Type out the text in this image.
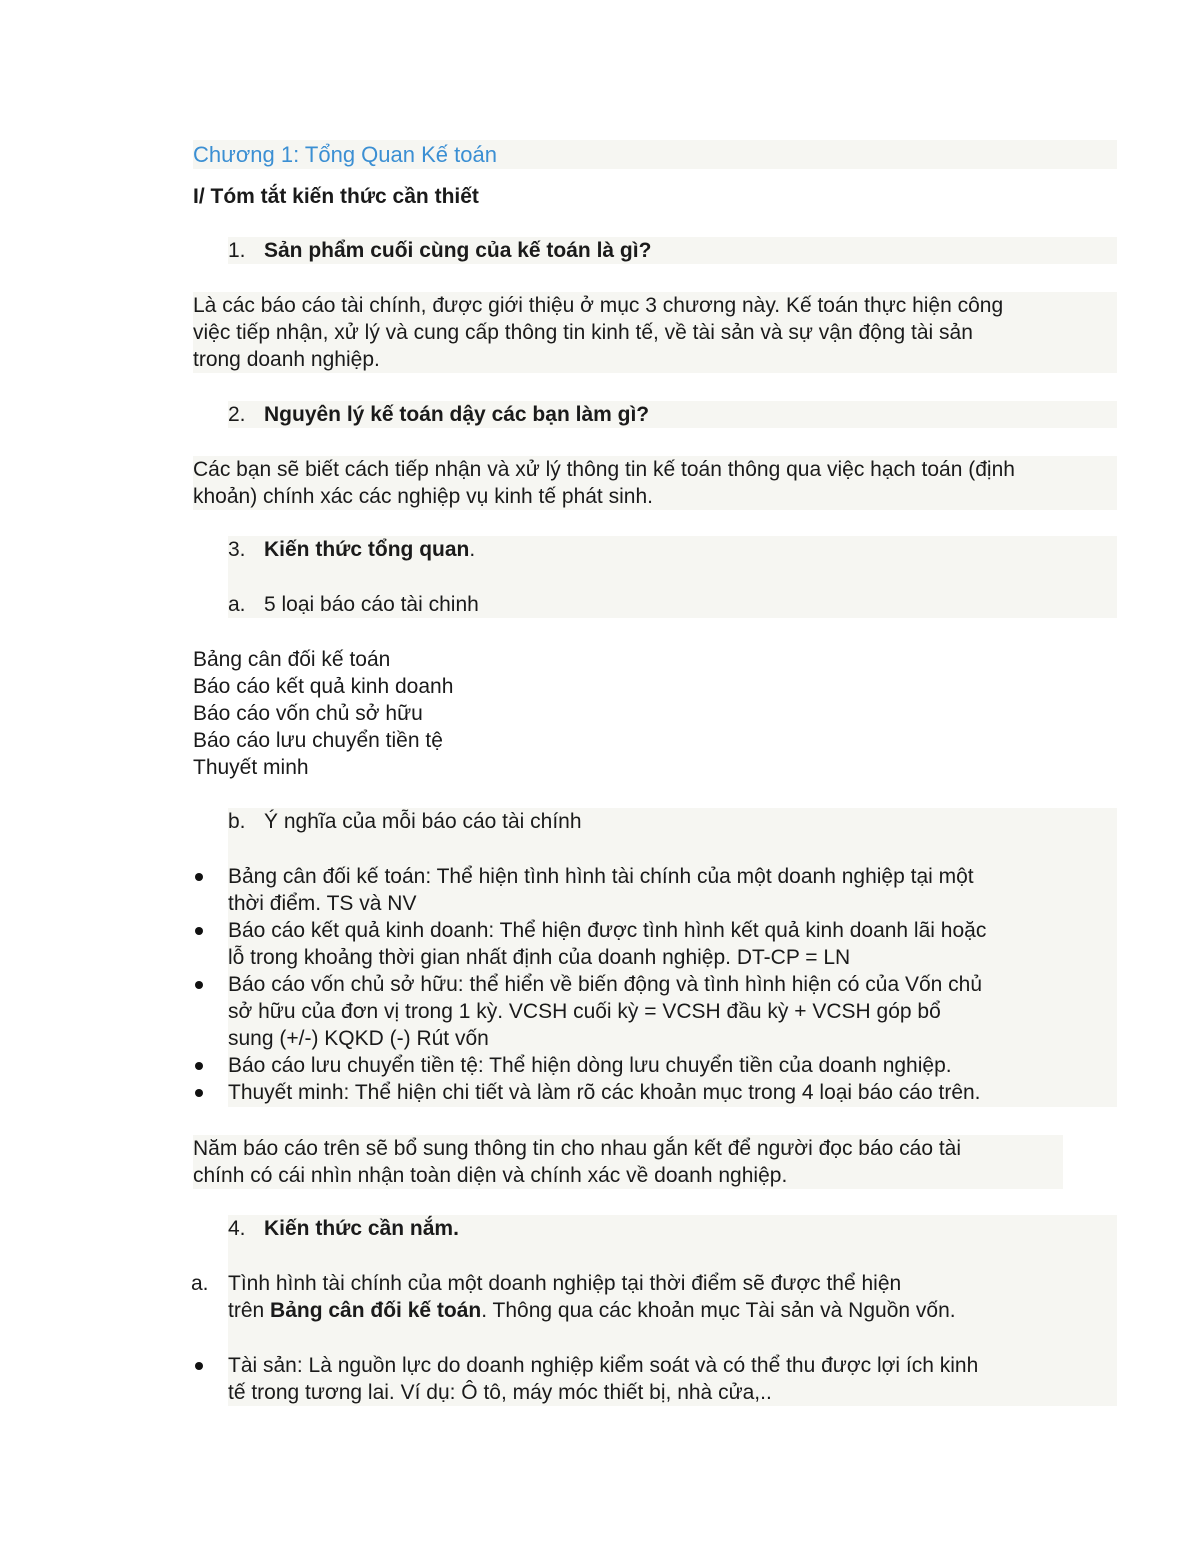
Chương 1: Tổng Quan Kế toán
I/ Tóm tắt kiến thức cần thiết
1. Sản phẩm cuối cùng của kế toán là gì?
Là các báo cáo tài chính, được giới thiệu ở mục 3 chương này. Kế toán thực hiện công
việc tiếp nhận, xử lý và cung cấp thông tin kinh tế, về tài sản và sự vận động tài sản
trong doanh nghiệp.
2. Nguyên lý kế toán dậy các bạn làm gì?
Các bạn sẽ biết cách tiếp nhận và xử lý thông tin kế toán thông qua việc hạch toán (định
khoản) chính xác các nghiệp vụ kinh tế phát sinh.
3. Kiến thức tổng quan.
a. 5 loại báo cáo tài chinh
Bảng cân đối kế toán
Báo cáo kết quả kinh doanh
Báo cáo vốn chủ sở hữu
Báo cáo lưu chuyển tiền tệ
Thuyết minh
b. Ý nghĩa của mỗi báo cáo tài chính
Bảng cân đối kế toán: Thể hiện tình hình tài chính của một doanh nghiệp tại một
thời điểm. TS và NV
Báo cáo kết quả kinh doanh: Thể hiện được tình hình kết quả kinh doanh lãi hoặc
lỗ trong khoảng thời gian nhất định của doanh nghiệp. DT-CP = LN
Báo cáo vốn chủ sở hữu: thể hiển về biến động và tình hình hiện có của Vốn chủ
sở hữu của đơn vị trong 1 kỳ. VCSH cuối kỳ = VCSH đầu kỳ + VCSH góp bổ
sung (+/-) KQKD (-) Rút vốn
Báo cáo lưu chuyển tiền tệ: Thể hiện dòng lưu chuyển tiền của doanh nghiệp.
Thuyết minh: Thể hiện chi tiết và làm rõ các khoản mục trong 4 loại báo cáo trên.
Năm báo cáo trên sẽ bổ sung thông tin cho nhau gắn kết để người đọc báo cáo tài
chính có cái nhìn nhận toàn diện và chính xác về doanh nghiệp.
4. Kiến thức cần nắm.
a. Tình hình tài chính của một doanh nghiệp tại thời điểm sẽ được thể hiện
trên Bảng cân đối kế toán. Thông qua các khoản mục Tài sản và Nguồn vốn.
Tài sản: Là nguồn lực do doanh nghiệp kiểm soát và có thể thu được lợi ích kinh
tế trong tương lai. Ví dụ: Ô tô, máy móc thiết bị, nhà cửa,..
